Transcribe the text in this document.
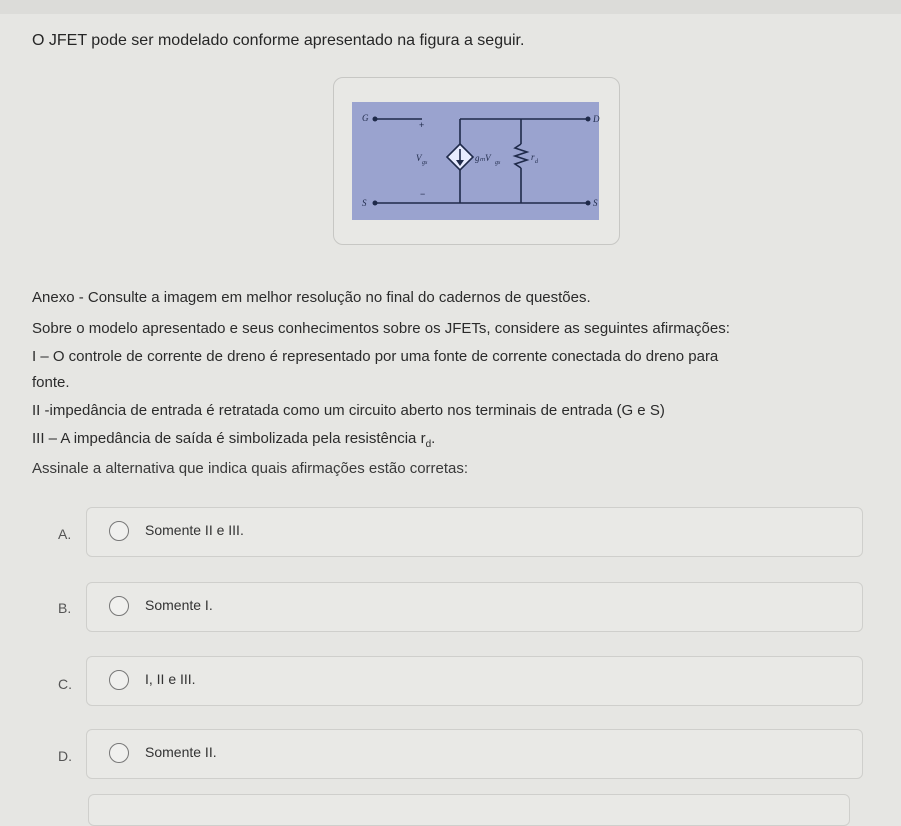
O JFET pode ser modelado conforme apresentado na figura a seguir.
G	D
S	S
+
−
V gs	gₘV gs
r d
Anexo - Consulte a imagem em melhor resolução no final do cadernos de questões.
Sobre o modelo apresentado e seus conhecimentos sobre os JFETs, considere as seguintes afirmações:
I – O controle de corrente de dreno é representado por uma fonte de corrente conectada do dreno para
fonte.
II -impedância de entrada é retratada como um circuito aberto nos terminais de entrada (G e S)
III – A impedância de saída é simbolizada pela resistência $r_d$.
Assinale a alternativa que indica quais afirmações estão corretas:
A.	Somente II e III.
B.	Somente I.
C.	I, II e III.
D.	Somente II.
